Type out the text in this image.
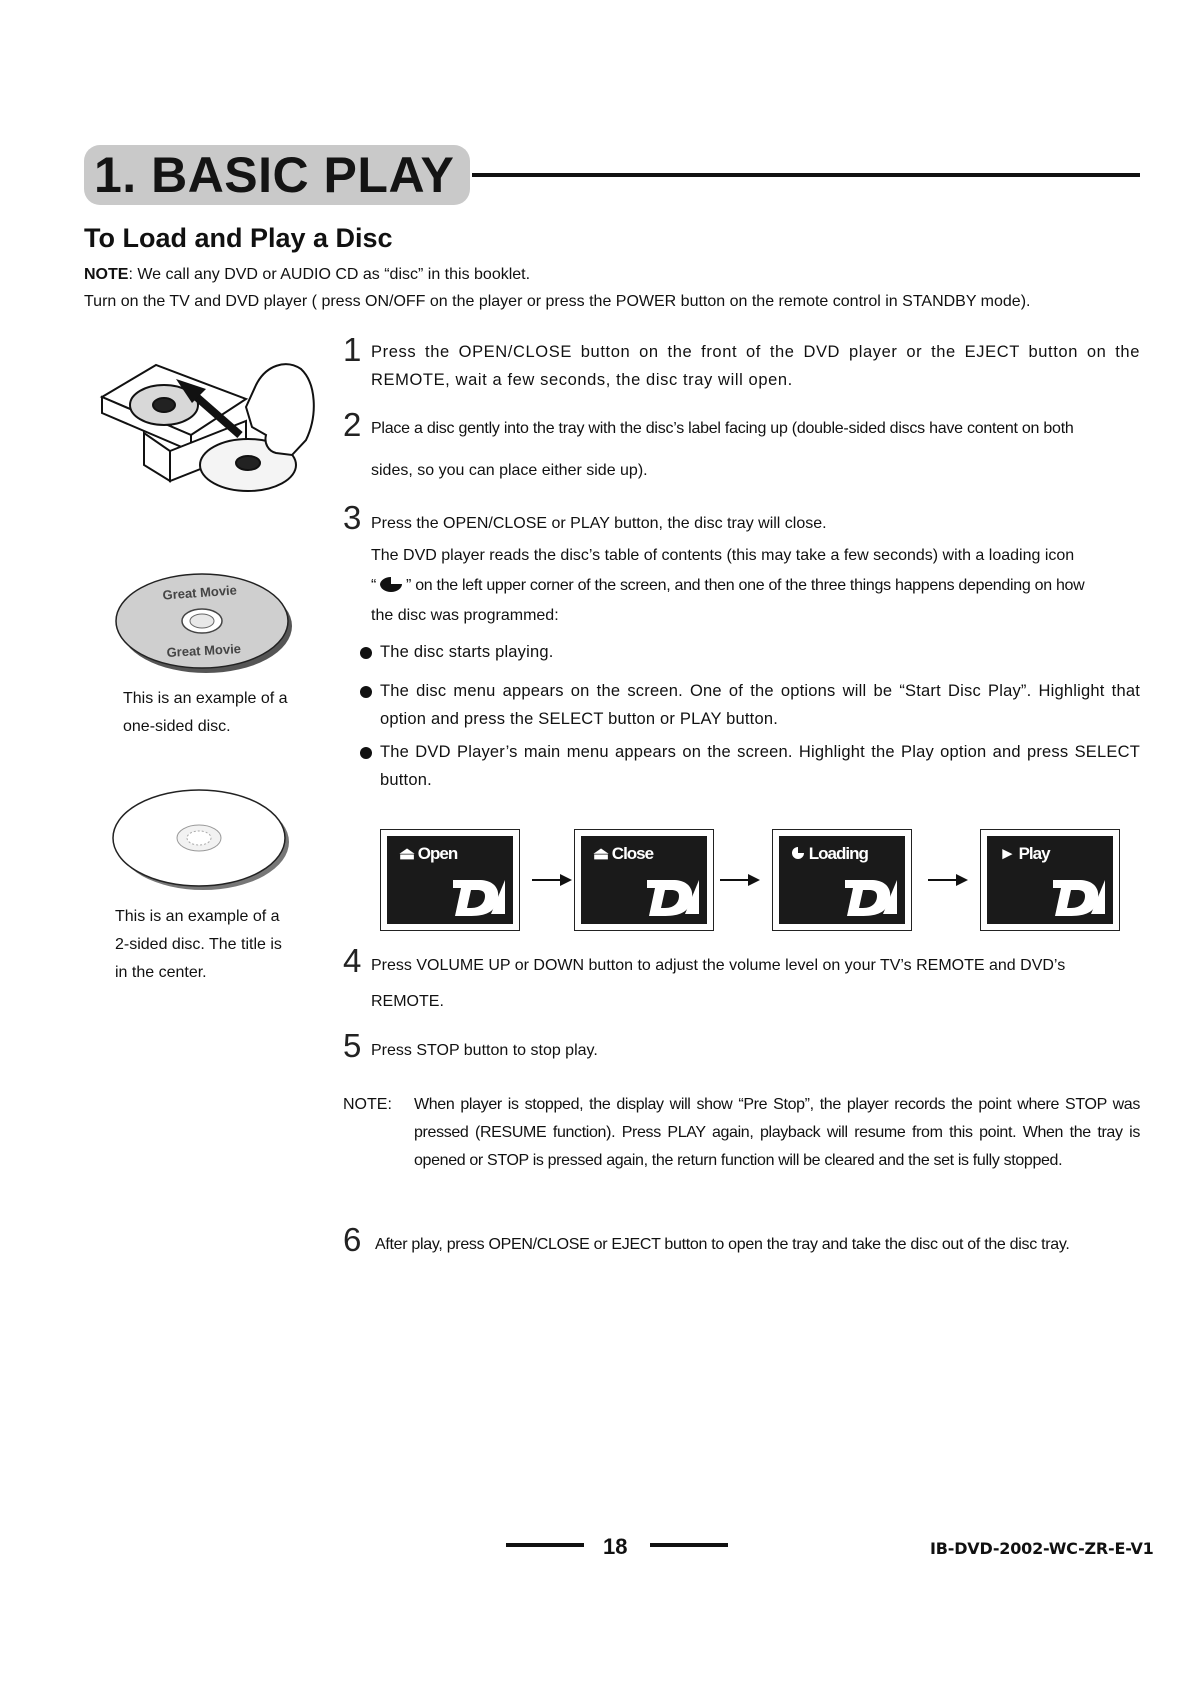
1. BASIC PLAY
To Load and Play a Disc
NOTE: We call any DVD or AUDIO CD as “disc” in this booklet.
Turn on the TV and DVD player ( press ON/OFF on the player or press the POWER button on the remote control in STANDBY mode).
Great Movie
Great Movie
This is an example of a
one-sided disc.
This is an example of a
2-sided disc. The title is
in the center.
1 Press the OPEN/CLOSE button on the front of the DVD player or the EJECT button on the REMOTE, wait a few seconds, the disc tray will open.
2 Place a disc gently into the tray with the disc’s label facing up (double-sided discs have content on both
sides, so you can place either side up).
3 Press the OPEN/CLOSE or PLAY button, the disc tray will close.
The DVD player reads the disc’s table of contents (this may take a few seconds) with a loading icon
“ ” on the left upper corner of the screen, and then one of the three things happens depending on how
the disc was programmed:
The disc starts playing.
The disc menu appears on the screen. One of the options will be “Start Disc Play”. Highlight that option and press the SELECT button or PLAY button.
The DVD Player’s main menu appears on the screen. Highlight the Play option and press SELECT button.
⏏ Open	⏏ Close	Loading	► Play
4 Press VOLUME UP or DOWN button to adjust the volume level on your TV’s REMOTE and DVD’s
REMOTE.
5 Press STOP button to stop play.
NOTE: When player is stopped, the display will show “Pre Stop”, the player records the point where STOP was pressed (RESUME function). Press PLAY again, playback will resume from this point. When the tray is opened or STOP is pressed again, the return function will be cleared and the set is fully stopped.
6 After play, press OPEN/CLOSE or EJECT button to open the tray and take the disc out of the disc tray.
18	IB-DVD-2002-WC-ZR-E-V1
